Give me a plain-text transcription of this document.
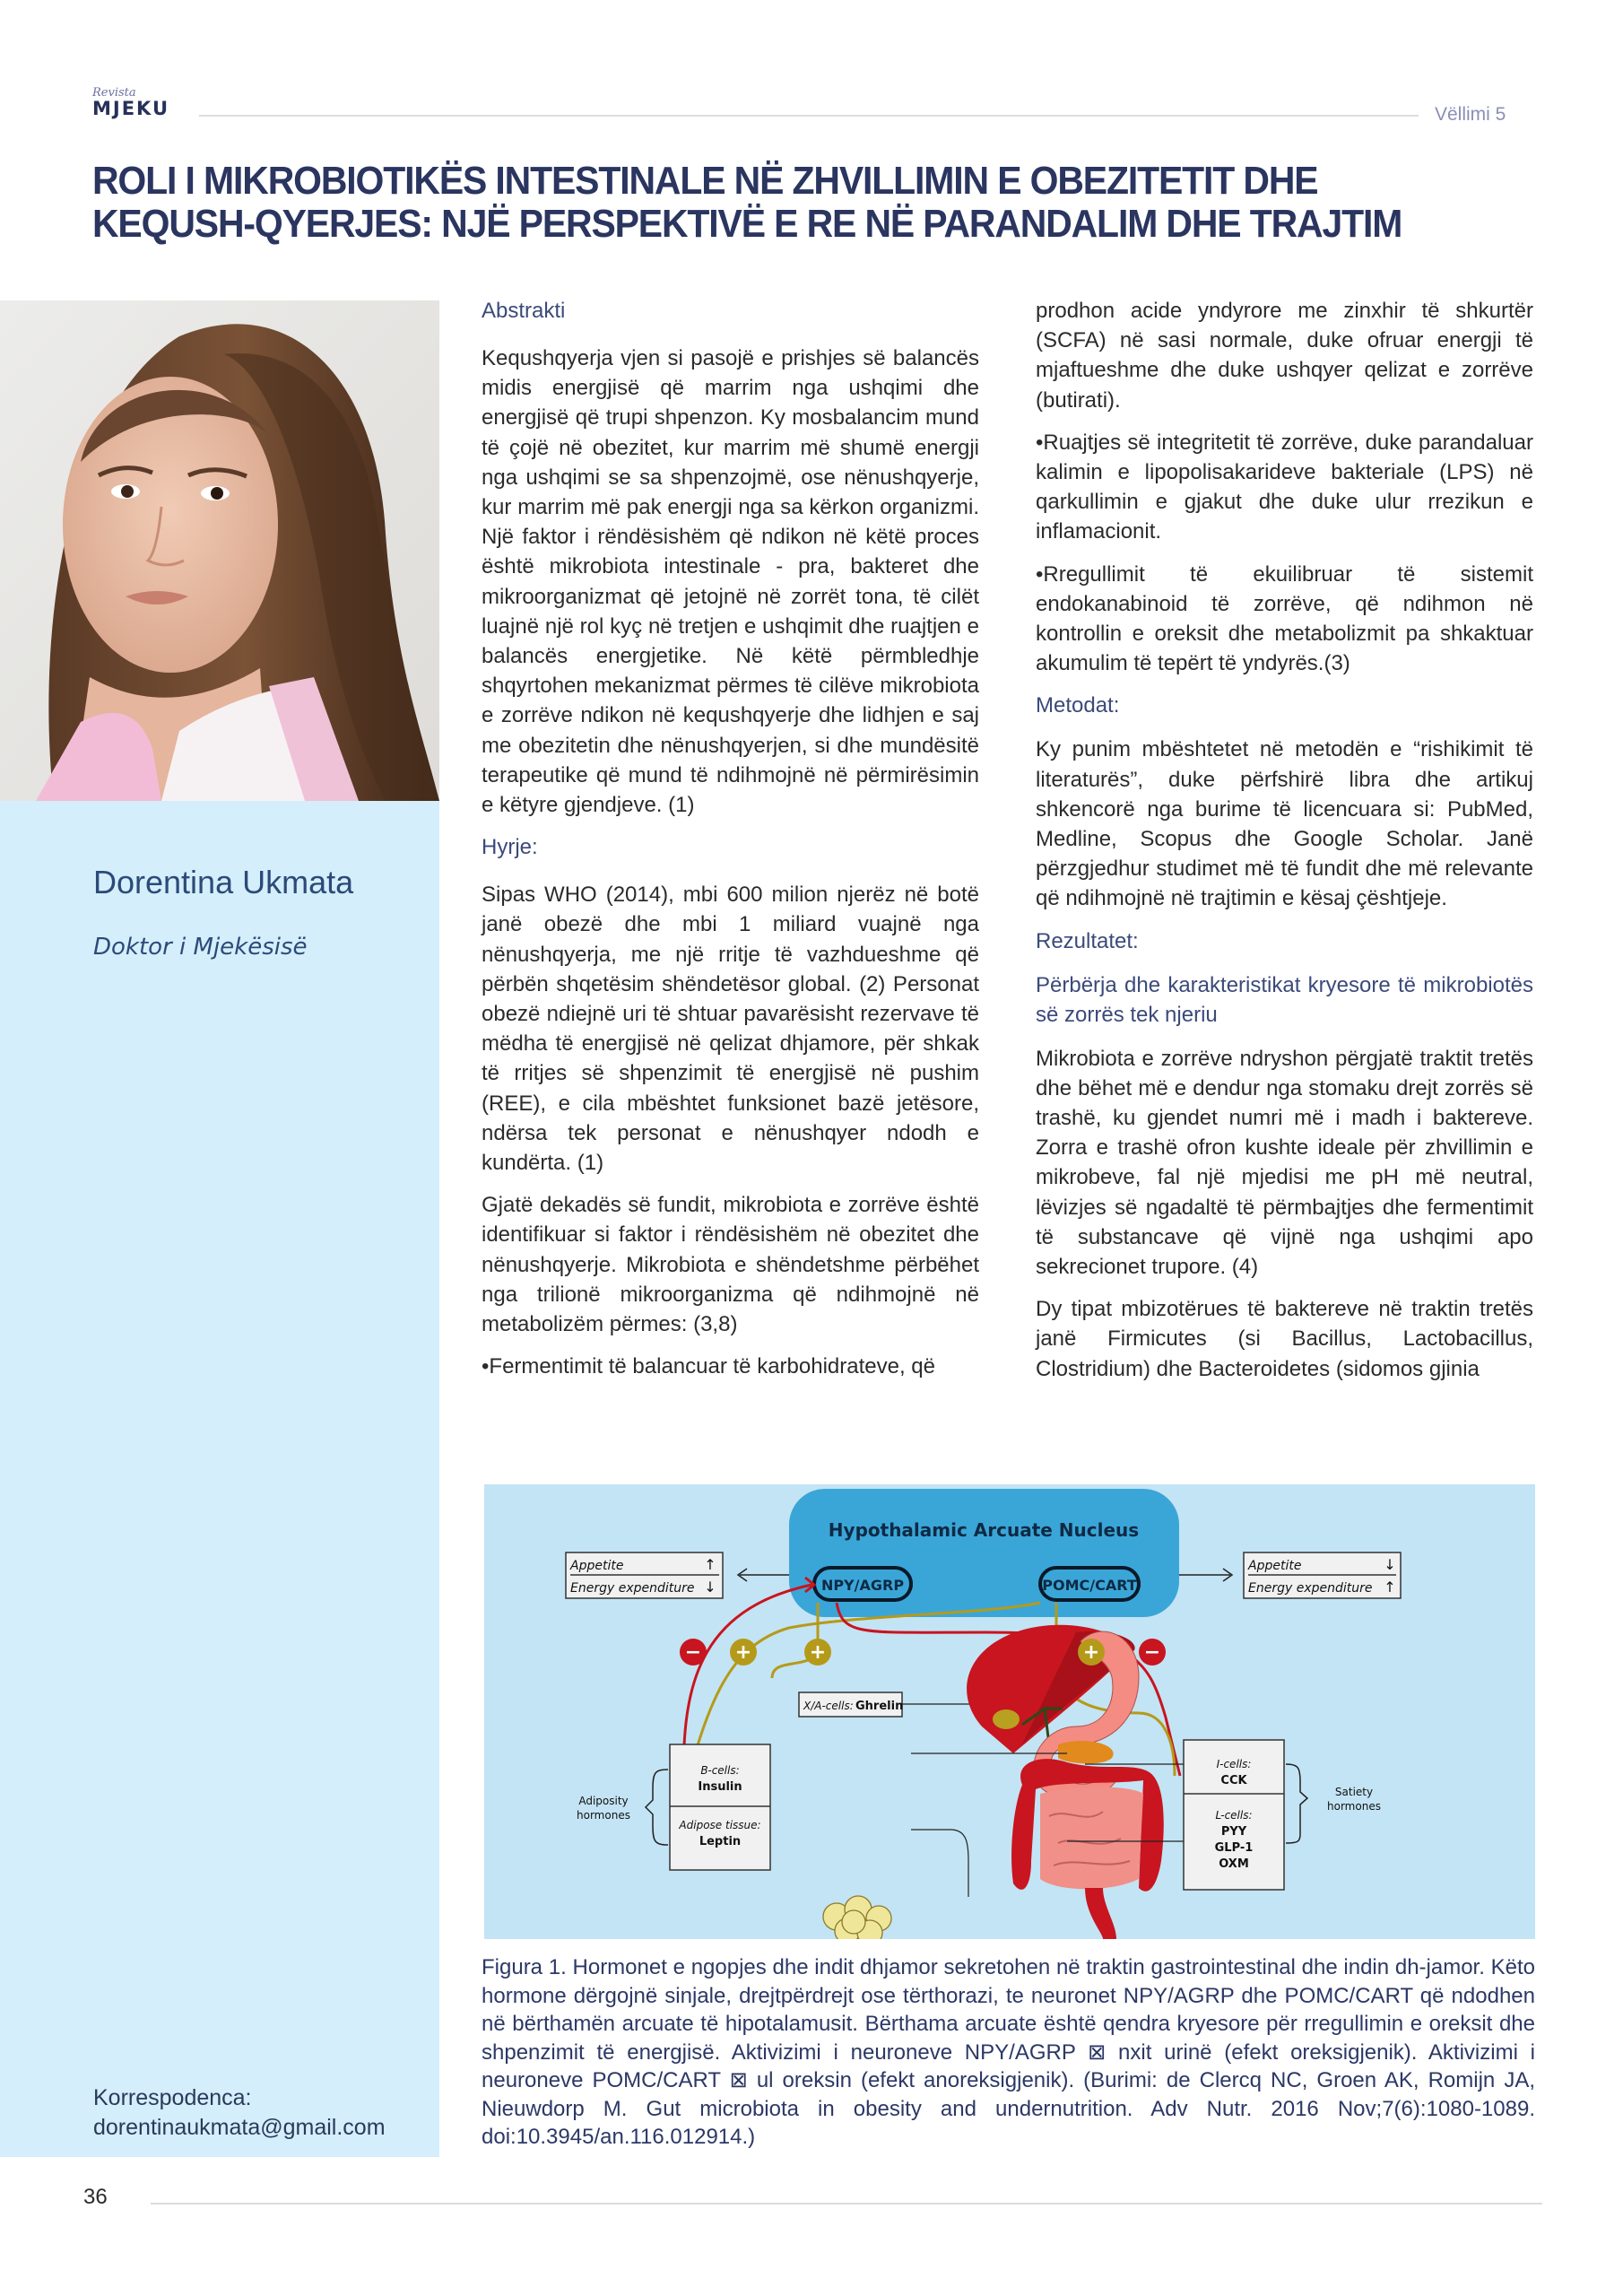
Revista
MJEKU	Vëllimi 5
ROLI I MIKROBIOTIKËS INTESTINALE NË ZHVILLIMIN E OBEZITETIT DHE KEQUSH-QYERJES: NJË PERSPEKTIVË E RE NË PARANDALIM DHE TRAJTIM
Dorentina Ukmata
Doktor i Mjekësisë
Korrespodenca:
dorentinaukmata@gmail.com
Abstrakti

Kequshqyerja vjen si pasojë e prishjes së balancës midis energjisë që marrim nga ushqimi dhe energjisë që trupi shpenzon. Ky mosbalancim mund të çojë në obezitet, kur marrim më shumë energji nga ushqimi se sa shpenzojmë, ose nënushqyerje, kur marrim më pak energji nga sa kërkon organizmi. Një faktor i rëndësishëm që ndikon në këtë proces është mikrobiota intestinale - pra, bakteret dhe mikroorganizmat që jetojnë në zorrët tona, të cilët luajnë një rol kyç në tretjen e ushqimit dhe ruajtjen e balancës energjetike. Në këtë përmbledhje shqyrtohen mekanizmat përmes të cilëve mikrobiota e zorrëve ndikon në kequshqyerje dhe lidhjen e saj me obezitetin dhe nënushqyerjen, si dhe mundësitë terapeutike që mund të ndihmojnë në përmirësimin e këtyre gjendjeve. (1)

Hyrje:

Sipas WHO (2014), mbi 600 milion njerëz në botë janë obezë dhe mbi 1 miliard vuajnë nga nënushqyerja, me një rritje të vazhdueshme që përbën shqetësim shëndetësor global. (2) Personat obezë ndiejnë uri të shtuar pavarësisht rezervave të mëdha të energjisë në qelizat dhjamore, për shkak të rritjes së shpenzimit të energjisë në pushim (REE), e cila mbështet funksionet bazë jetësore, ndërsa tek personat e nënushqyer ndodh e kundërta. (1)

Gjatë dekadës së fundit, mikrobiota e zorrëve është identifikuar si faktor i rëndësishëm në obezitet dhe nënushqyerje. Mikrobiota e shëndetshme përbëhet nga trilionë mikroorganizma që ndihmojnë në metabolizëm përmes: (3,8)

•Fermentimit të balancuar të karbohidrateve, që

prodhon acide yndyrore me zinxhir të shkurtër (SCFA) në sasi normale, duke ofruar energji të mjaftueshme dhe duke ushqyer qelizat e zorrëve (butirati).

•Ruajtjes së integritetit të zorrëve, duke parandaluar kalimin e lipopolisakarideve bakteriale (LPS) në qarkullimin e gjakut dhe duke ulur rrezikun e inflamacionit.

•Rregullimit të ekuilibruar të sistemit endokanabinoid të zorrëve, që ndihmon në kontrollin e oreksit dhe metabolizmit pa shkaktuar akumulim të tepërt të yndyrës.(3)

Metodat:

Ky punim mbështetet në metodën e “rishikimit të literaturës”, duke përfshirë libra dhe artikuj shkencorë nga burime të licencuara si: PubMed, Medline, Scopus dhe Google Scholar. Janë përzgjedhur studimet më të fundit dhe më relevante që ndihmojnë në trajtimin e kësaj çështjeje.

Rezultatet:
Përbërja dhe karakteristikat kryesore të mikrobiotës së zorrës tek njeriu

Mikrobiota e zorrëve ndryshon përgjatë traktit tretës dhe bëhet më e dendur nga stomaku drejt zorrës së trashë, ku gjendet numri më i madh i baktereve. Zorra e trashë ofron kushte ideale për zhvillimin e mikrobeve, fal një mjedisi me pH më neutral, lëvizjes së ngadaltë të përmbajtjes dhe fermentimit të substancave që vijnë nga ushqimi apo sekrecionet trupore. (4)

Dy tipat mbizotërues të baktereve në traktin tretës janë Firmicutes (si Bacillus, Lactobacillus, Clostridium) dhe Bacteroidetes (sidomos gjinia

Hypothalamic Arcuate Nucleus
NPY/AGRP	POMC/CART
Appetite	↑
Energy expenditure ↓
Appetite	↓
Energy expenditure ↑
X/A-cells: Ghrelin
− +	+	+ −
B-cells:
Insulin
Adipose tissue:
Leptin
Adiposity
hormones
I-cells:
CCK
L-cells:
PYY
GLP-1
OXM
Satiety
hormones

Figura 1. Hormonet e ngopjes dhe indit dhjamor sekretohen në traktin gastrointestinal dhe indin dh-jamor. Këto hormone dërgojnë sinjale, drejtpërdrejt ose tërthorazi, te neuronet NPY/AGRP dhe POMC/CART që ndodhen në bërthamën arcuate të hipotalamusit. Bërthama arcuate është qendra kryesore për rregullimin e oreksit dhe shpenzimit të energjisë. Aktivizimi i neuroneve NPY/AGRP ⊠ nxit urinë (efekt oreksigjenik). Aktivizimi i neuroneve POMC/CART ⊠ ul oreksin (efekt anoreksigjenik). (Burimi: de Clercq NC, Groen AK, Romijn JA, Nieuwdorp M. Gut microbiota in obesity and undernutrition. Adv Nutr. 2016 Nov;7(6):1080-1089. doi:10.3945/an.116.012914.)

36
